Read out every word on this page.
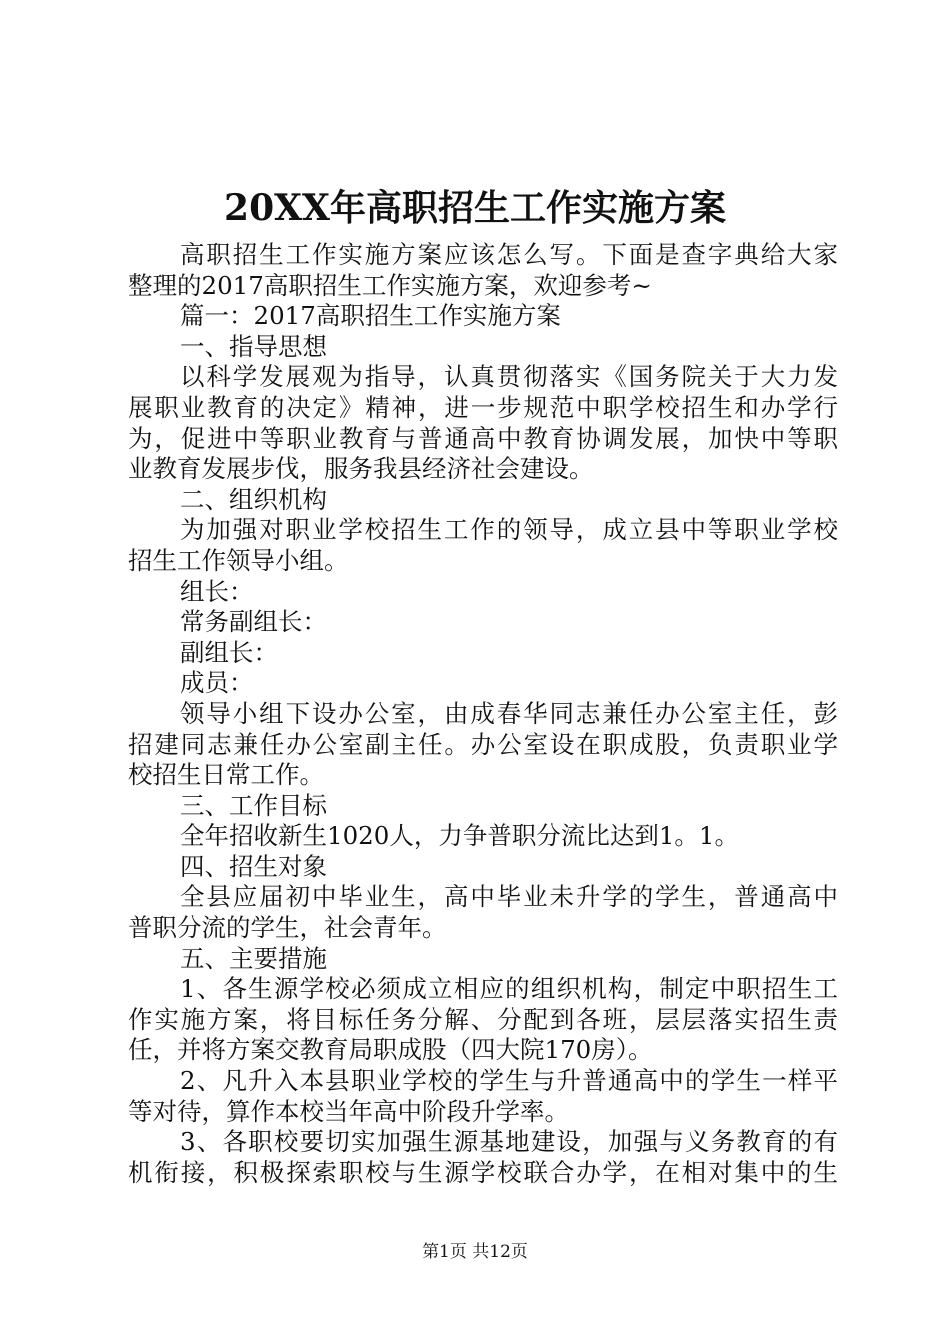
20XX年高职招生工作实施方案
高职招生工作实施方案应该怎么写。下面是查字典给大家
整理的2017高职招生工作实施方案，欢迎参考~
篇一：2017高职招生工作实施方案
一、指导思想
以科学发展观为指导，认真贯彻落实《国务院关于大力发
展职业教育的决定》精神，进一步规范中职学校招生和办学行
为，促进中等职业教育与普通高中教育协调发展，加快中等职
业教育发展步伐，服务我县经济社会建设。
二、组织机构
为加强对职业学校招生工作的领导，成立县中等职业学校
招生工作领导小组。
组长：
常务副组长：
副组长：
成员：
领导小组下设办公室，由成春华同志兼任办公室主任，彭
招建同志兼任办公室副主任。办公室设在职成股，负责职业学
校招生日常工作。
三、工作目标
全年招收新生1020人，力争普职分流比达到1。1。
四、招生对象
全县应届初中毕业生，高中毕业未升学的学生，普通高中
普职分流的学生，社会青年。
五、主要措施
1、各生源学校必须成立相应的组织机构，制定中职招生工
作实施方案，将目标任务分解、分配到各班，层层落实招生责
任，并将方案交教育局职成股（四大院170房）。
2、凡升入本县职业学校的学生与升普通高中的学生一样平
等对待，算作本校当年高中阶段升学率。
3、各职校要切实加强生源基地建设，加强与义务教育的有
机衔接，积极探索职校与生源学校联合办学，在相对集中的生
第1页 共12页
